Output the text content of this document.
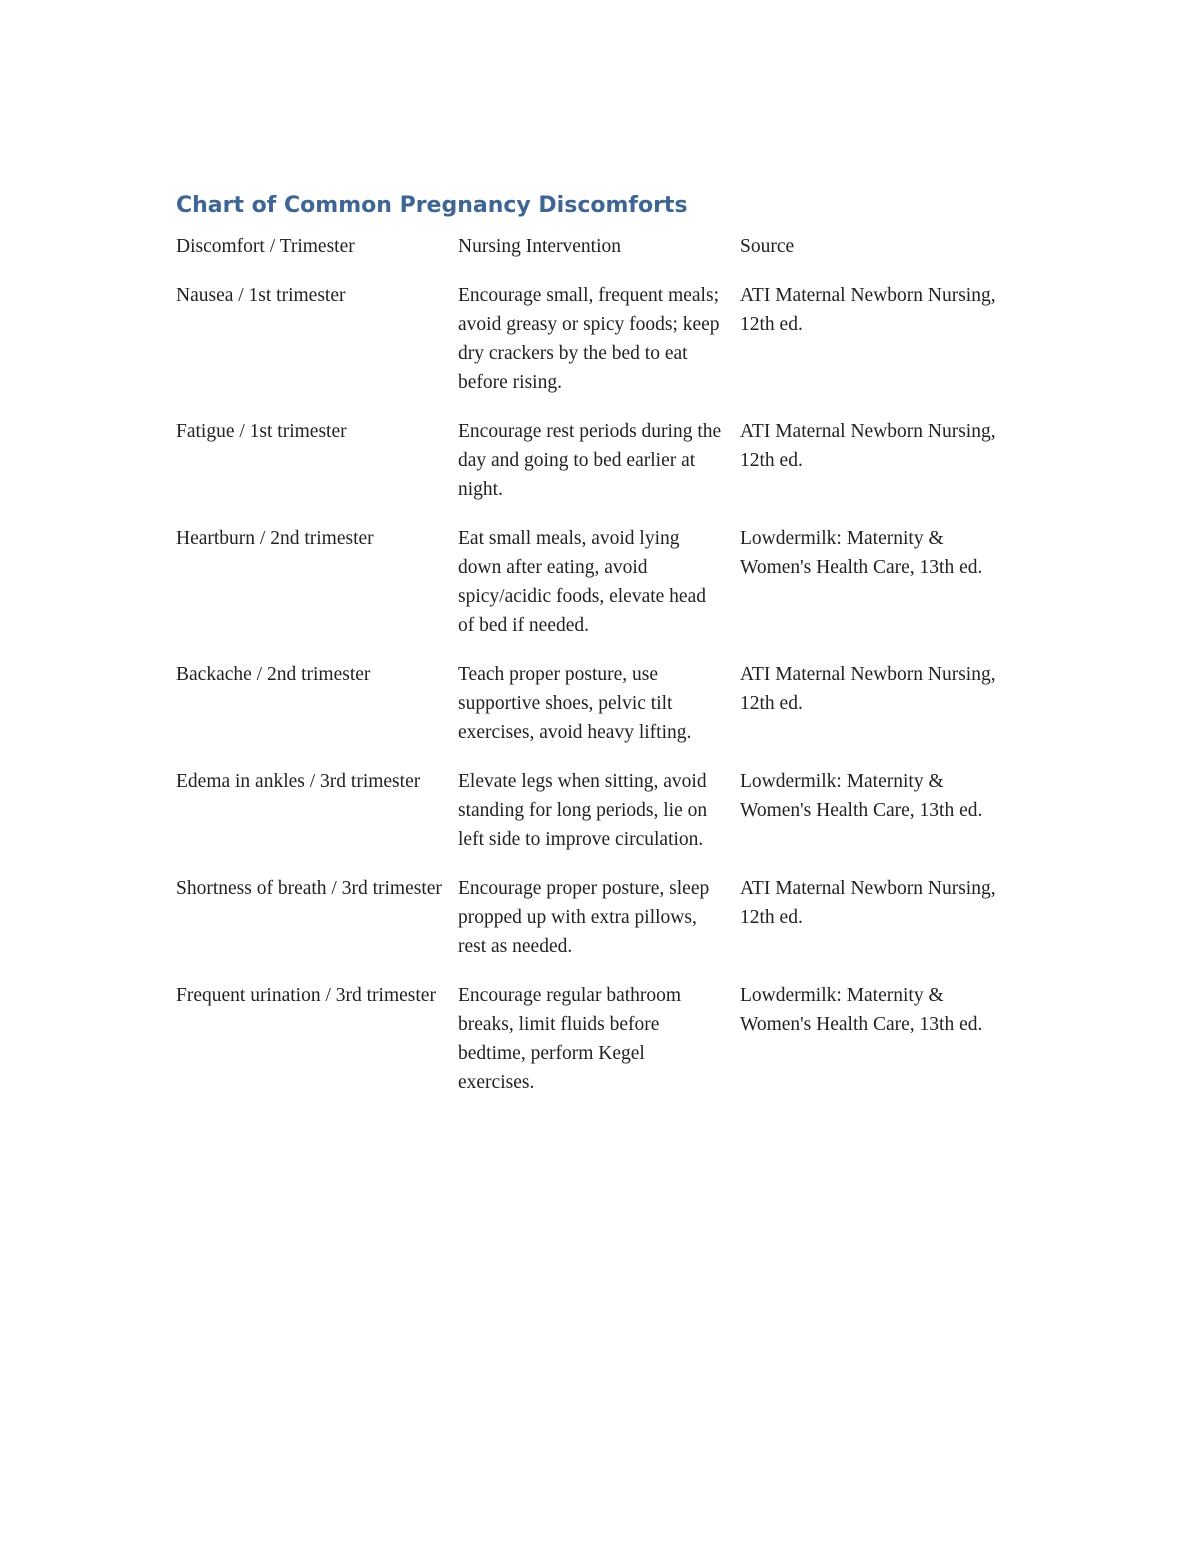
Chart of Common Pregnancy Discomforts
Discomfort / Trimester	Nursing Intervention	Source
Nausea / 1st trimester	Encourage small, frequent meals; avoid greasy or spicy foods; keep dry crackers by the bed to eat before rising.	ATI Maternal Newborn Nursing, 12th ed.
Fatigue / 1st trimester	Encourage rest periods during the day and going to bed earlier at night.	ATI Maternal Newborn Nursing, 12th ed.
Heartburn / 2nd trimester	Eat small meals, avoid lying down after eating, avoid spicy/acidic foods, elevate head of bed if needed.	Lowdermilk: Maternity & Women's Health Care, 13th ed.
Backache / 2nd trimester	Teach proper posture, use supportive shoes, pelvic tilt exercises, avoid heavy lifting.	ATI Maternal Newborn Nursing, 12th ed.
Edema in ankles / 3rd trimester	Elevate legs when sitting, avoid standing for long periods, lie on left side to improve circulation.	Lowdermilk: Maternity & Women's Health Care, 13th ed.
Shortness of breath / 3rd trimester	Encourage proper posture, sleep propped up with extra pillows, rest as needed.	ATI Maternal Newborn Nursing, 12th ed.
Frequent urination / 3rd trimester	Encourage regular bathroom breaks, limit fluids before bedtime, perform Kegel exercises.	Lowdermilk: Maternity & Women's Health Care, 13th ed.
